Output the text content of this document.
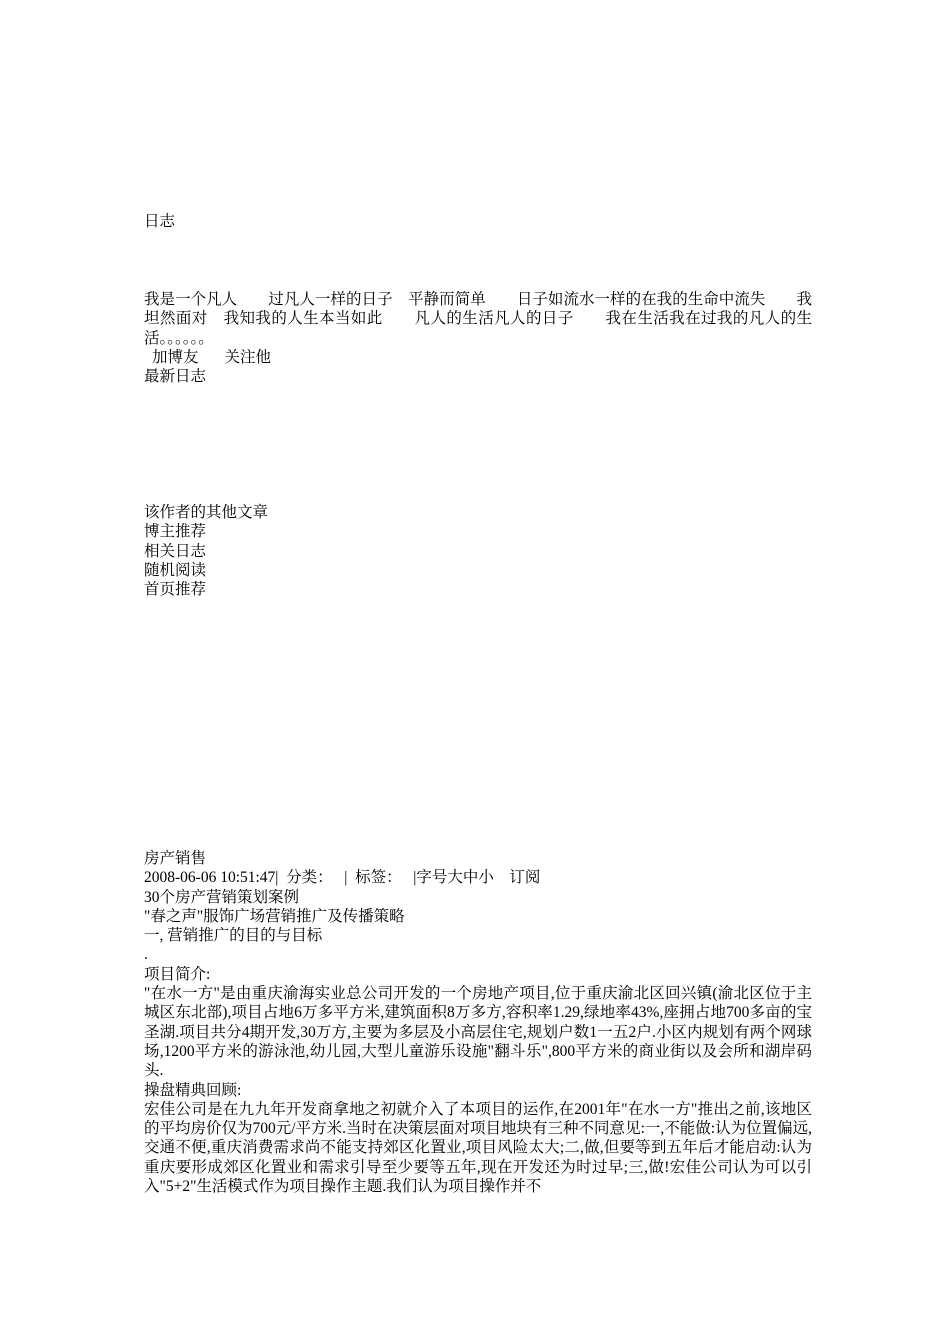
日志

我是一个凡人　　过凡人一样的日子　平静而简单　　日子如流水一样的在我的生命中流失　　我坦然面对　我知我的人生本当如此　　凡人的生活凡人的日子　　我在生活我在过我的凡人的生活。。。。。。

加博友 关注他
最新日志
该作者的其他文章
博主推荐
相关日志
随机阅读
首页推荐
房产销售
2008-06-06 10:51:47|  分类：   |  标签：   |字号大中小    订阅
30个房产营销策划案例
"春之声"服饰广场营销推广及传播策略
一, 营销推广的目的与目标
.
项目简介:

"在水一方"是由重庆渝海实业总公司开发的一个房地产项目,位于重庆渝北区回兴镇(渝北区位于主城区东北部),项目占地6万多平方米,建筑面积8万多方,容积率1.29,绿地率43%,座拥占地700多亩的宝圣湖.项目共分4期开发,30万方,主要为多层及小高层住宅,规划户数1一五2户.小区内规划有两个网球场,1200平方米的游泳池,幼儿园,大型儿童游乐设施"翻斗乐",800平方米的商业街以及会所和湖岸码头.

操盘精典回顾:

宏佳公司是在九九年开发商拿地之初就介入了本项目的运作,在2001年"在水一方"推出之前,该地区的平均房价仅为700元/平方米.当时在决策层面对项目地块有三种不同意见:一,不能做:认为位置偏远,交通不便,重庆消费需求尚不能支持郊区化置业,项目风险太大;二,做,但要等到五年后才能启动:认为重庆要形成郊区化置业和需求引导至少要等五年,现在开发还为时过早;三,做!宏佳公司认为可以引入"5+2"生活模式作为项目操作主题.我们认为项目操作并不
